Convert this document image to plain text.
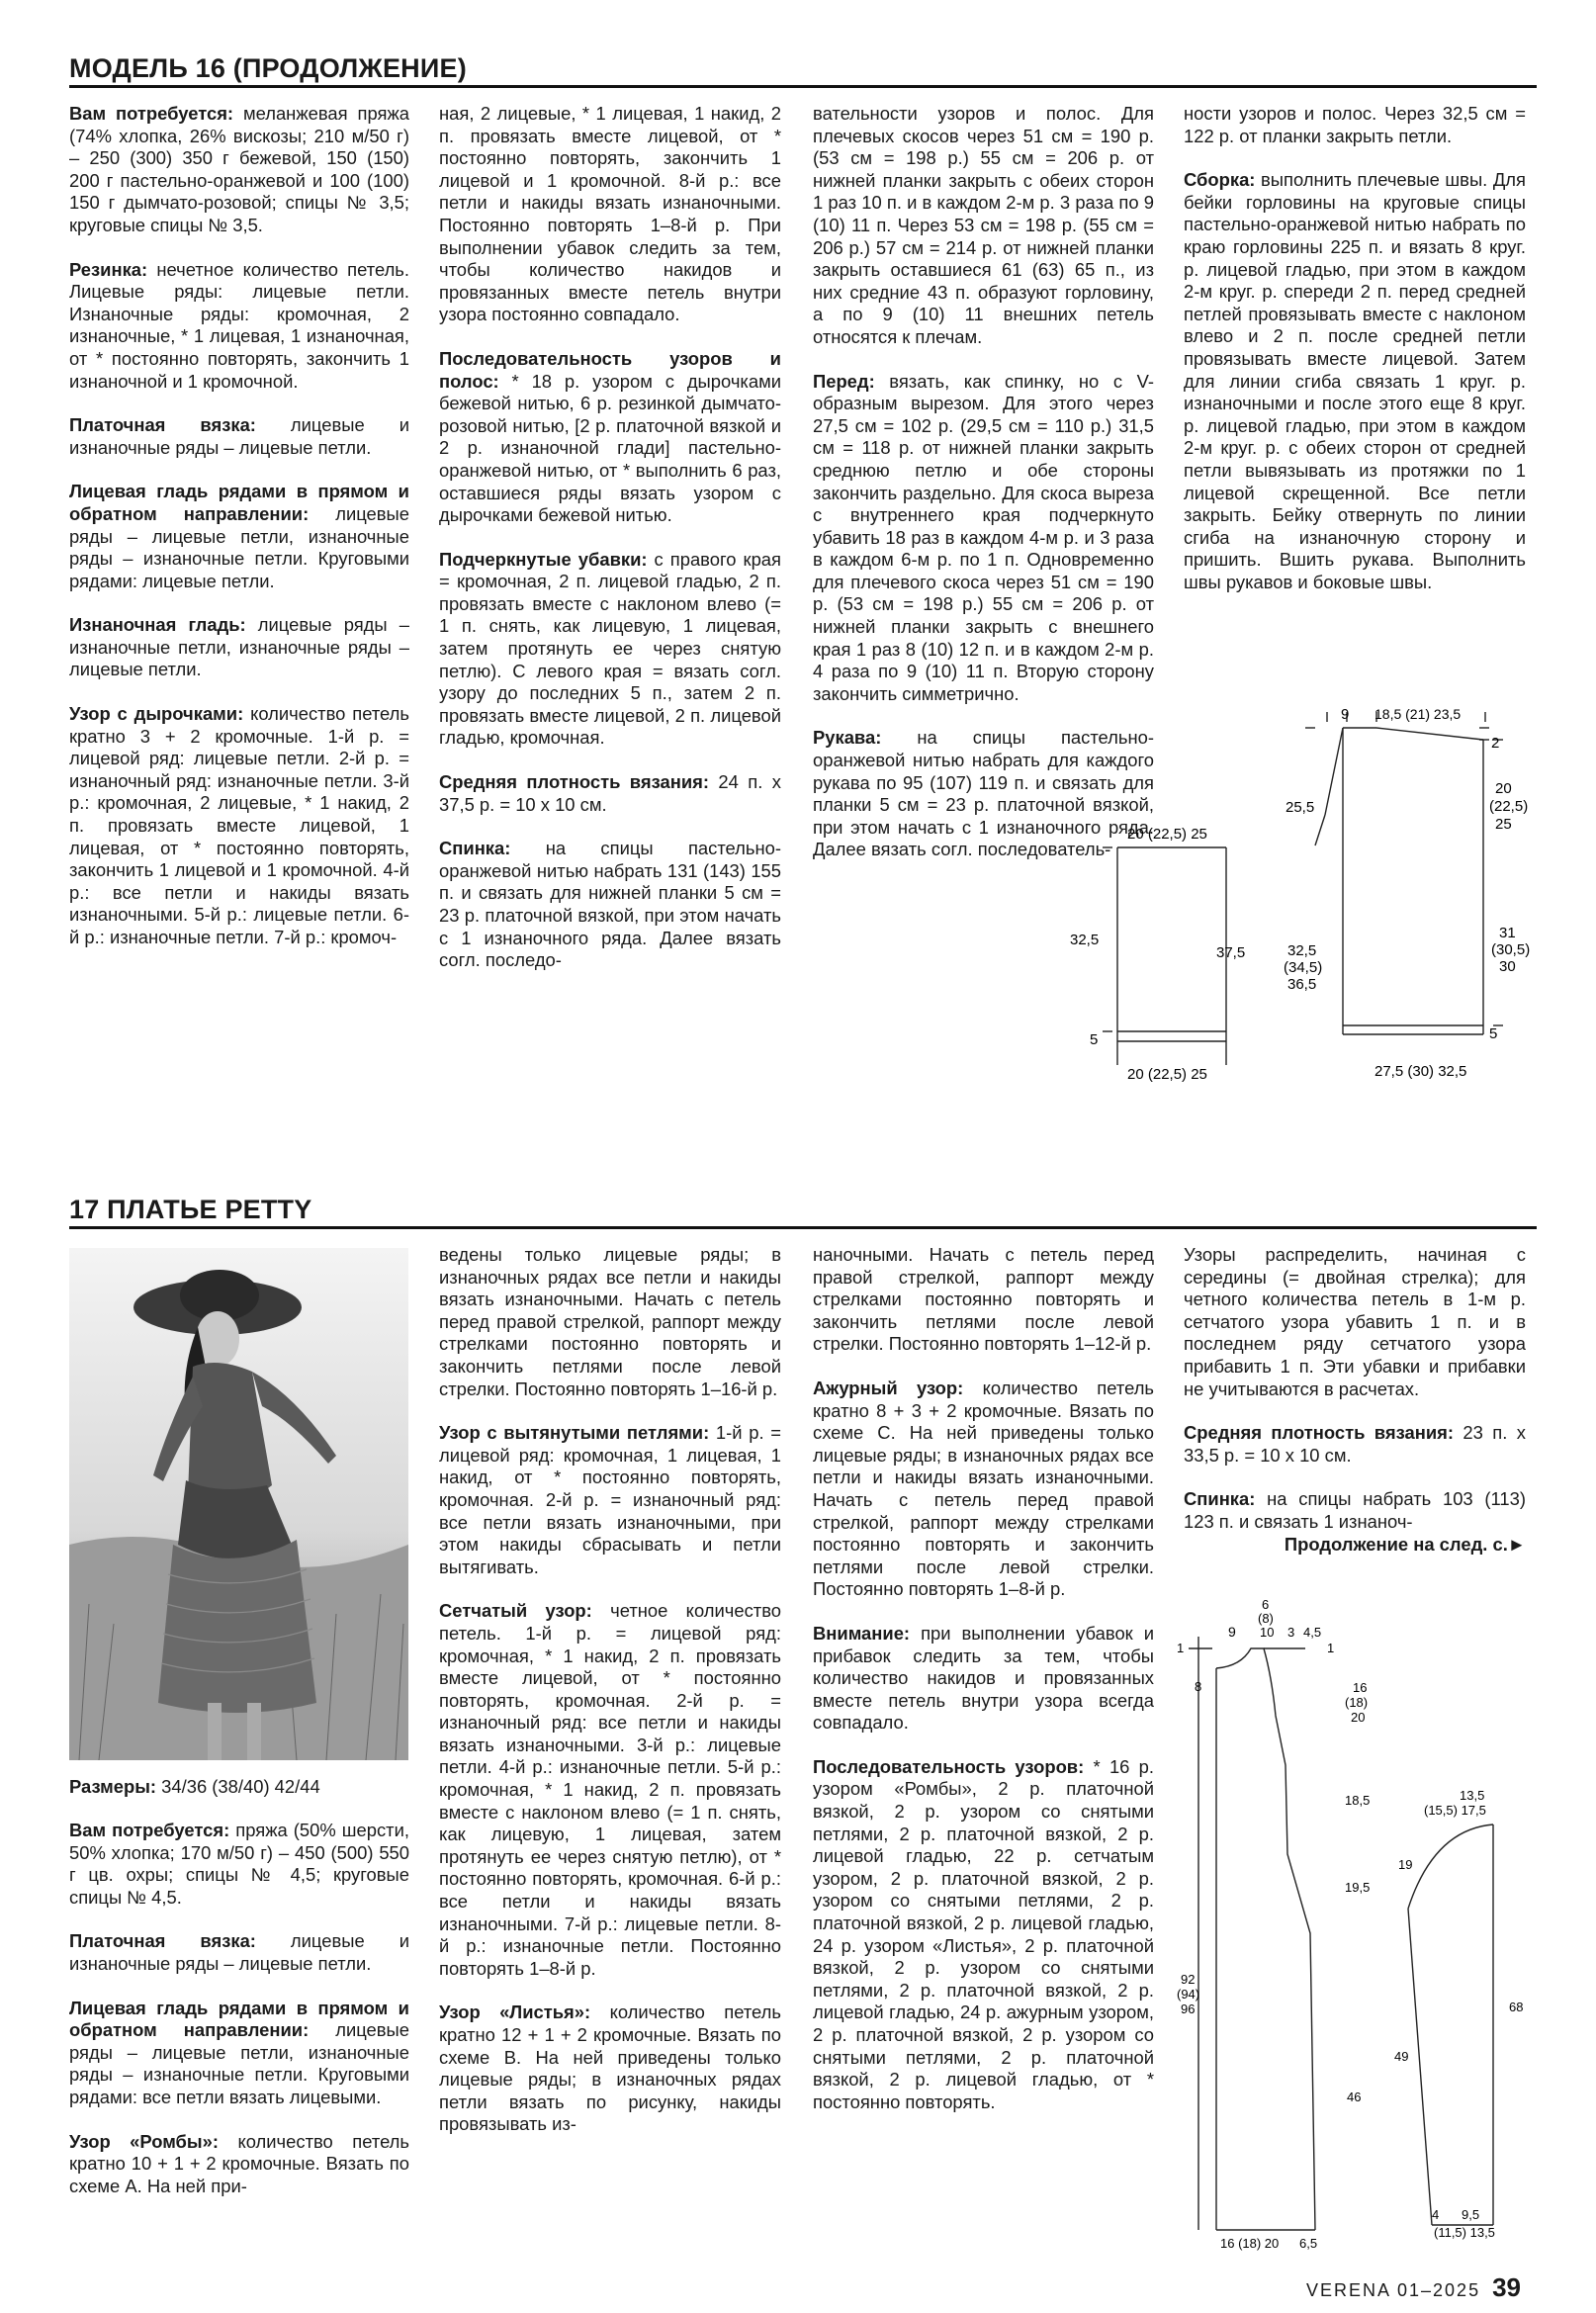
МОДЕЛЬ 16 (ПРОДОЛЖЕНИЕ)

Вам потребуется: меланжевая пряжа (74% хлопка, 26% вискозы; 210 м/50 г) – 250 (300) 350 г бежевой, 150 (150) 200 г пастельно-оранжевой и 100 (100) 150 г дымчато-розовой; спицы № 3,5; круговые спицы № 3,5.

Резинка: нечетное количество петель. Лицевые ряды: лицевые петли. Изнаночные ряды: кромочная, 2 изнаночные, * 1 лицевая, 1 изнаночная, от * постоянно повторять, закончить 1 изнаночной и 1 кромочной.

Платочная вязка: лицевые и изнаночные ряды – лицевые петли.

Лицевая гладь рядами в прямом и обратном направлении: лицевые ряды – лицевые петли, изнаночные ряды – изнаночные петли. Круговыми рядами: лицевые петли.

Изнаночная гладь: лицевые ряды – изнаночные петли, изнаночные ряды – лицевые петли.

Узор с дырочками: количество петель кратно 3 + 2 кромочные. 1-й р. = лицевой ряд: лицевые петли. 2-й р. = изнаночный ряд: изнаночные петли. 3-й р.: кромочная, 2 лицевые, * 1 накид, 2 п. провязать вместе лицевой, 1 лицевая, от * постоянно повторять, закончить 1 лицевой и 1 кромочной. 4-й р.: все петли и накиды вязать изнаночными. 5-й р.: лицевые петли. 6-й р.: изнаночные петли. 7-й р.: кромоч-

ная, 2 лицевые, * 1 лицевая, 1 накид, 2 п. провязать вместе лицевой, от * постоянно повторять, закончить 1 лицевой и 1 кромочной. 8-й р.: все петли и накиды вязать изнаночными. Постоянно повторять 1–8-й р. При выполнении убавок следить за тем, чтобы количество накидов и провязанных вместе петель внутри узора постоянно совпадало.

Последовательность узоров и полос: * 18 р. узором с дырочками бежевой нитью, 6 р. резинкой дымчато-розовой нитью, [2 р. платочной вязкой и 2 р. изнаночной глади] пастельно-оранжевой нитью, от * выполнить 6 раз, оставшиеся ряды вязать узором с дырочками бежевой нитью.

Подчеркнутые убавки: с правого края = кромочная, 2 п. лицевой гладью, 2 п. провязать вместе с наклоном влево (= 1 п. снять, как лицевую, 1 лицевая, затем протянуть ее через снятую петлю). С левого края = вязать согл. узору до последних 5 п., затем 2 п. провязать вместе лицевой, 2 п. лицевой гладью, кромочная.

Средняя плотность вязания: 24 п. х 37,5 р. = 10 х 10 см.

Спинка: на спицы пастельно-оранжевой нитью набрать 131 (143) 155 п. и связать для нижней планки 5 см = 23 р. платочной вязкой, при этом начать с 1 изнаночного ряда. Далее вязать согл. последо-

вательности узоров и полос. Для плечевых скосов через 51 см = 190 р. (53 см = 198 р.) 55 см = 206 р. от нижней планки закрыть с обеих сторон 1 раз 10 п. и в каждом 2-м р. 3 раза по 9 (10) 11 п. Через 53 см = 198 р. (55 см = 206 р.) 57 см = 214 р. от нижней планки закрыть оставшиеся 61 (63) 65 п., из них средние 43 п. образуют горловину, а по 9 (10) 11 внешних петель относятся к плечам.

Перед: вязать, как спинку, но с V-образным вырезом. Для этого через 27,5 см = 102 р. (29,5 см = 110 р.) 31,5 см = 118 р. от нижней планки закрыть среднюю петлю и обе стороны закончить раздельно. Для скоса выреза с внутреннего края подчеркнуто убавить 18 раз в каждом 4-м р. и 3 раза в каждом 6-м р. по 1 п. Одновременно для плечевого скоса через 51 см = 190 р. (53 см = 198 р.) 55 см = 206 р. от нижней планки закрыть с внешнего края 1 раз 8 (10) 12 п. и в каждом 2-м р. 4 раза по 9 (10) 11 п. Вторую сторону закончить симметрично.

Рукава: на спицы пастельно-оранжевой нитью набрать для каждого рукава по 95 (107) 119 п. и связать для планки 5 см = 23 р. платочной вязкой, при этом начать с 1 изнаночного ряда. Далее вязать согл. последователь-

ности узоров и полос. Через 32,5 см = 122 р. от планки закрыть петли.

Сборка: выполнить плечевые швы. Для бейки горловины на круговые спицы пастельно-оранжевой нитью набрать по краю горловины 225 п. и вязать 8 круг. р. лицевой гладью, при этом в каждом 2-м круг. р. спереди 2 п. перед средней петлей провязывать вместе с наклоном влево и 2 п. после средней петли провязывать вместе лицевой. Затем для линии сгиба связать 1 круг. р. изнаночными и после этого еще 8 круг. р. лицевой гладью, при этом в каждом 2-м круг. р. с обеих сторон от средней петли вывязывать из протяжки по 1 лицевой скрещенной. Все петли закрыть. Бейку отвернуть по линии сгиба на изнаночную сторону и пришить. Вшить рукава. Выполнить швы рукавов и боковые швы.

20 (22,5) 25
32,5
5
20 (22,5) 25
9 18,5 (21) 23,5
2
25,5
20
(22,5)
25
37,5	32,5
(34,5)
36,5
31
(30,5)
30
5
27,5 (30) 32,5
17 ПЛАТЬЕ PETTY

Размеры: 34/36 (38/40) 42/44

Вам потребуется: пряжа (50% шерсти, 50% хлопка; 170 м/50 г) – 450 (500) 550 г цв. охры; спицы № 4,5; круговые спицы № 4,5.

Платочная вязка: лицевые и изнаночные ряды – лицевые петли.

Лицевая гладь рядами в прямом и обратном направлении: лицевые ряды – лицевые петли, изнаночные ряды – изнаночные петли. Круговыми рядами: все петли вязать лицевыми.

Узор «Ромбы»: количество петель кратно 10 + 1 + 2 кромочные. Вязать по схеме А. На ней при-

ведены только лицевые ряды; в изнаночных рядах все петли и накиды вязать изнаночными. Начать с петель перед правой стрелкой, раппорт между стрелками постоянно повторять и закончить петлями после левой стрелки. Постоянно повторять 1–16-й р.

Узор с вытянутыми петлями: 1-й р. = лицевой ряд: кромочная, 1 лицевая, 1 накид, от * постоянно повторять, кромочная. 2-й р. = изнаночный ряд: все петли вязать изнаночными, при этом накиды сбрасывать и петли вытягивать.

Сетчатый узор: четное количество петель. 1-й р. = лицевой ряд: кромочная, * 1 накид, 2 п. провязать вместе лицевой, от * постоянно повторять, кромочная. 2-й р. = изнаночный ряд: все петли и накиды вязать изнаночными. 3-й р.: лицевые петли. 4-й р.: изнаночные петли. 5-й р.: кромочная, * 1 накид, 2 п. провязать вместе с наклоном влево (= 1 п. снять, как лицевую, 1 лицевая, затем протянуть ее через снятую петлю), от * постоянно повторять, кромочная. 6-й р.: все петли и накиды вязать изнаночными. 7-й р.: лицевые петли. 8-й р.: изнаночные петли. Постоянно повторять 1–8-й р.

Узор «Листья»: количество петель кратно 12 + 1 + 2 кромочные. Вязать по схеме В. На ней приведены только лицевые ряды; в изнаночных рядах петли вязать по рисунку, накиды провязывать из-

наночными. Начать с петель перед правой стрелкой, раппорт между стрелками постоянно повторять и закончить петлями после левой стрелки. Постоянно повторять 1–12-й р.

Ажурный узор: количество петель кратно 8 + 3 + 2 кромочные. Вязать по схеме С. На ней приведены только лицевые ряды; в изнаночных рядах все петли и накиды вязать изнаночными. Начать с петель перед правой стрелкой, раппорт между стрелками постоянно повторять и закончить петлями после левой стрелки. Постоянно повторять 1–8-й р.

Внимание: при выполнении убавок и прибавок следить за тем, чтобы количество накидов и провязанных вместе петель внутри узора всегда совпадало.

Последовательность узоров: * 16 р. узором «Ромбы», 2 р. платочной вязкой, 2 р. узором со снятыми петлями, 2 р. платочной вязкой, 2 р. лицевой гладью, 22 р. сетчатым узором, 2 р. платочной вязкой, 2 р. узором со снятыми петлями, 2 р. платочной вязкой, 2 р. лицевой гладью, 24 р. узором «Листья», 2 р. платочной вязкой, 2 р. узором со снятыми петлями, 2 р. платочной вязкой, 2 р. лицевой гладью, 24 р. ажурным узором, 2 р. платочной вязкой, 2 р. узором со снятыми петлями, 2 р. платочной вязкой, 2 р. лицевой гладью, от * постоянно повторять.

Узоры распределить, начиная с середины (= двойная стрелка); для четного количества петель в 1-м р. сетчатого узора убавить 1 п. и в последнем ряду сетчатого узора прибавить 1 п. Эти убавки и прибавки не учитываются в расчетах.

Средняя плотность вязания: 23 п. х 33,5 р. = 10 х 10 см.

Спинка: на спицы набрать 103 (113) 123 п. и связать 1 изнаноч-

Продолжение на след. с.►
6
(8)
10
9	3 4,5
1	1
8	16
(18)
20
18,5
19,5
92
(94)
96
46
16 (18) 20 6,5
13,5
(15,5) 17,5
19
49
68
4 9,5
(11,5) 13,5
VERENA 01–2025 39
